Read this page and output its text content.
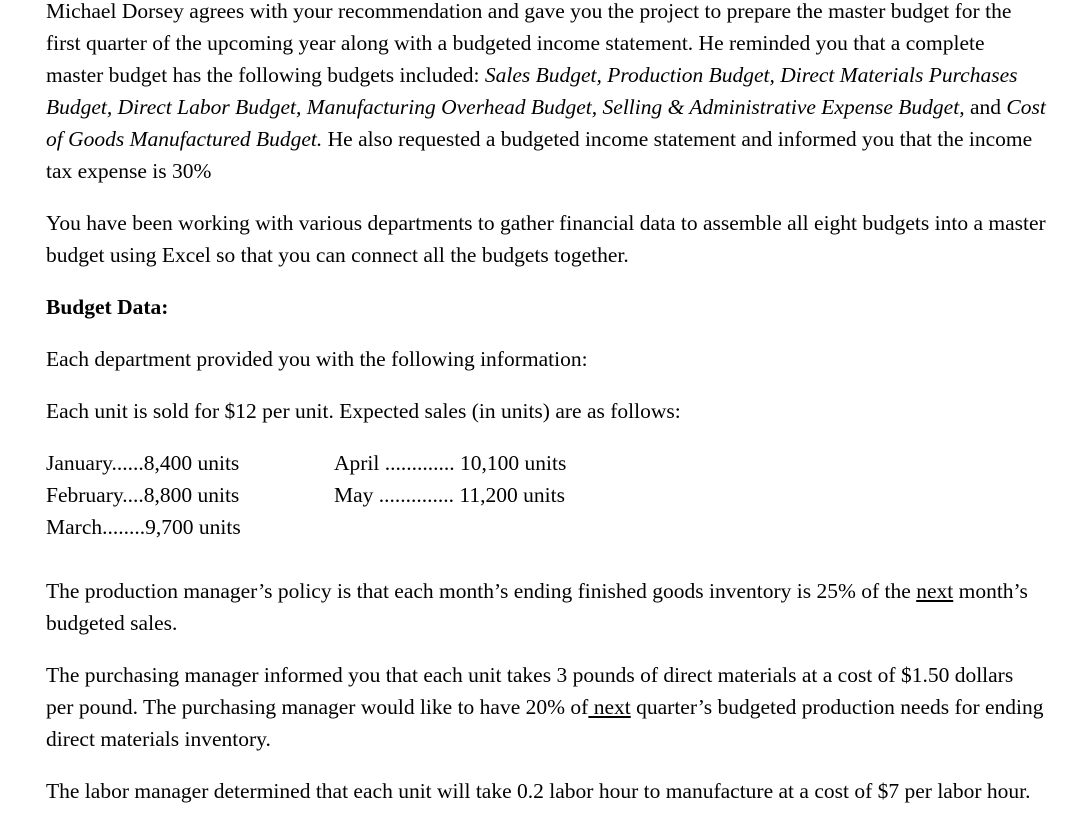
Michael Dorsey agrees with your recommendation and gave you the project to prepare the master budget for the first quarter of the upcoming year along with a budgeted income statement. He reminded you that a complete master budget has the following budgets included: Sales Budget, Production Budget, Direct Materials Purchases Budget, Direct Labor Budget, Manufacturing Overhead Budget, Selling & Administrative Expense Budget, and Cost of Goods Manufactured Budget. He also requested a budgeted income statement and informed you that the income tax expense is 30%

You have been working with various departments to gather financial data to assemble all eight budgets into a master budget using Excel so that you can connect all the budgets together.

Budget Data:

Each department provided you with the following information:

Each unit is sold for $12 per unit. Expected sales (in units) are as follows:

January......8,400 units
February....8,800 units
March........9,700 units
April ............. 10,100 units
May .............. 11,200 units

The production manager’s policy is that each month’s ending finished goods inventory is 25% of the next month’s budgeted sales.

The purchasing manager informed you that each unit takes 3 pounds of direct materials at a cost of $1.50 dollars per pound. The purchasing manager would like to have 20% of next quarter’s budgeted production needs for ending direct materials inventory.

The labor manager determined that each unit will take 0.2 labor hour to manufacture at a cost of $7 per labor hour.
